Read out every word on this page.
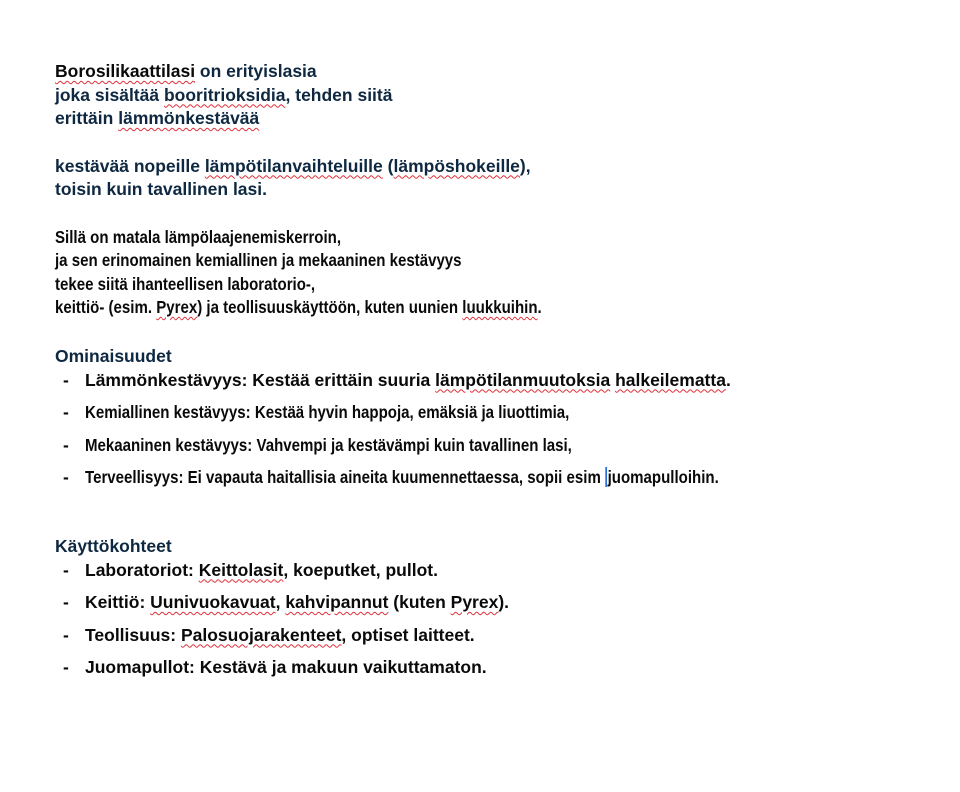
Borosilikaattilasi on erityislasia
joka sisältää booritrioksidia, tehden siitä
erittäin lämmönkestävää
kestävää nopeille lämpötilanvaihteluille (lämpöshokeille),
toisin kuin tavallinen lasi.
Sillä on matala lämpölaajenemiskerroin,
ja sen erinomainen kemiallinen ja mekaaninen kestävyys
tekee siitä ihanteellisen laboratorio-,
keittiö- (esim. Pyrex) ja teollisuuskäyttöön, kuten uunien luukkuihin.
Ominaisuudet
- Lämmönkestävyys: Kestää erittäin suuria lämpötilanmuutoksia halkeilematta.
- Kemiallinen kestävyys: Kestää hyvin happoja, emäksiä ja liuottimia,
- Mekaaninen kestävyys: Vahvempi ja kestävämpi kuin tavallinen lasi,
- Terveellisyys: Ei vapauta haitallisia aineita kuumennettaessa, sopii esim juomapulloihin.
Käyttökohteet
- Laboratoriot: Keittolasit, koeputket, pullot.
- Keittiö: Uunivuokavuat, kahvipannut (kuten Pyrex).
- Teollisuus: Palosuojarakenteet, optiset laitteet.
- Juomapullot: Kestävä ja makuun vaikuttamaton.
